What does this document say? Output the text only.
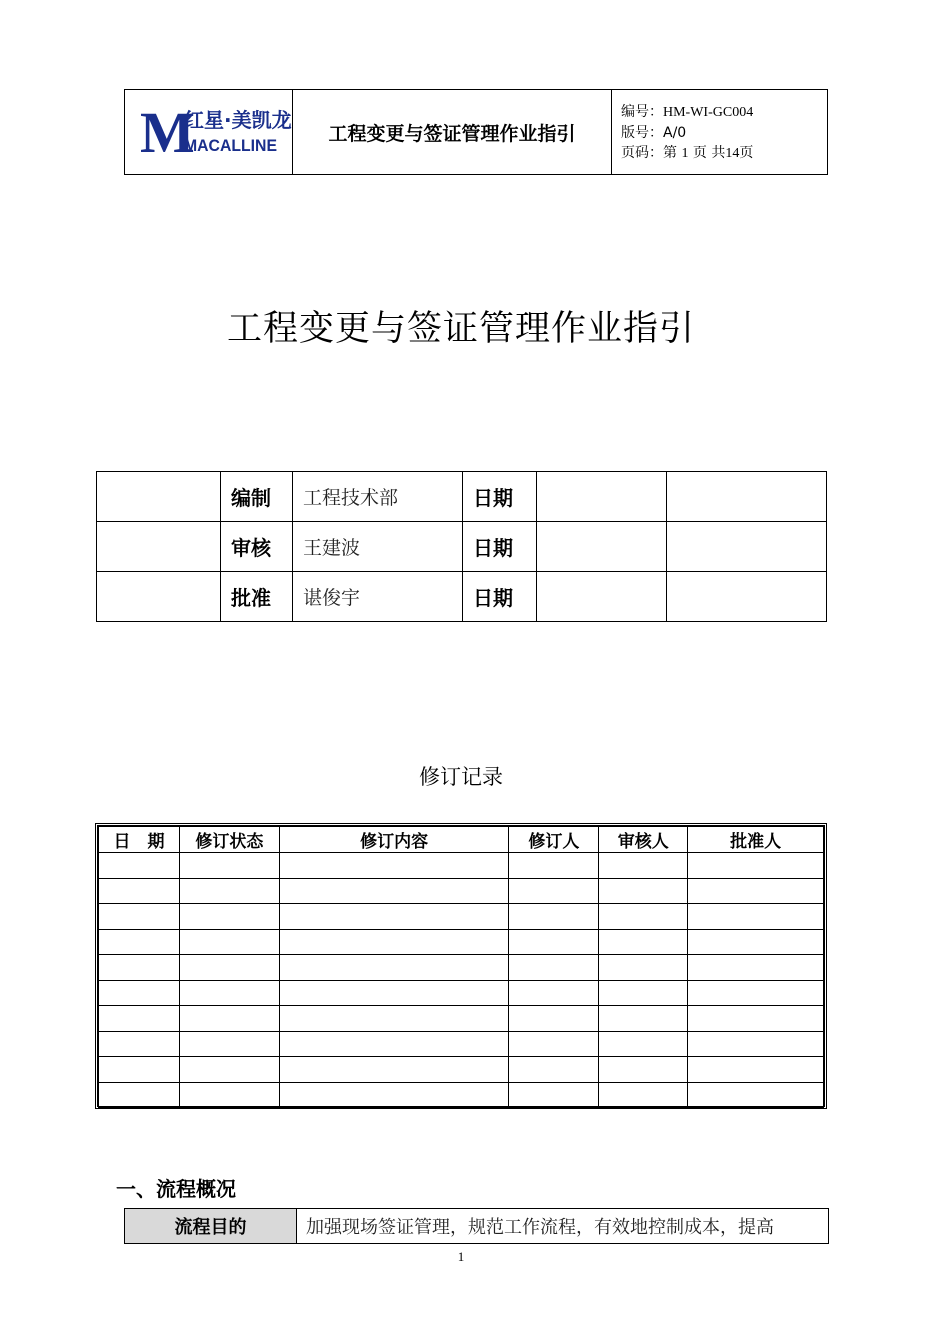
M
红星·美凯龙
MACALLINE
工程变更与签证管理作业指引
编号：HM-WI-GC004
版号：A/0
页码：第 1 页 共14页
工程变更与签证管理作业指引
	编制	工程技术部	日期		
	审核	王建波	日期		
	批准	谌俊宇	日期		
修订记录
日　期	修订状态	修订内容	修订人	审核人	批准人

一、流程概况
流程目的	加强现场签证管理，规范工作流程，有效地控制成本，提高
1
